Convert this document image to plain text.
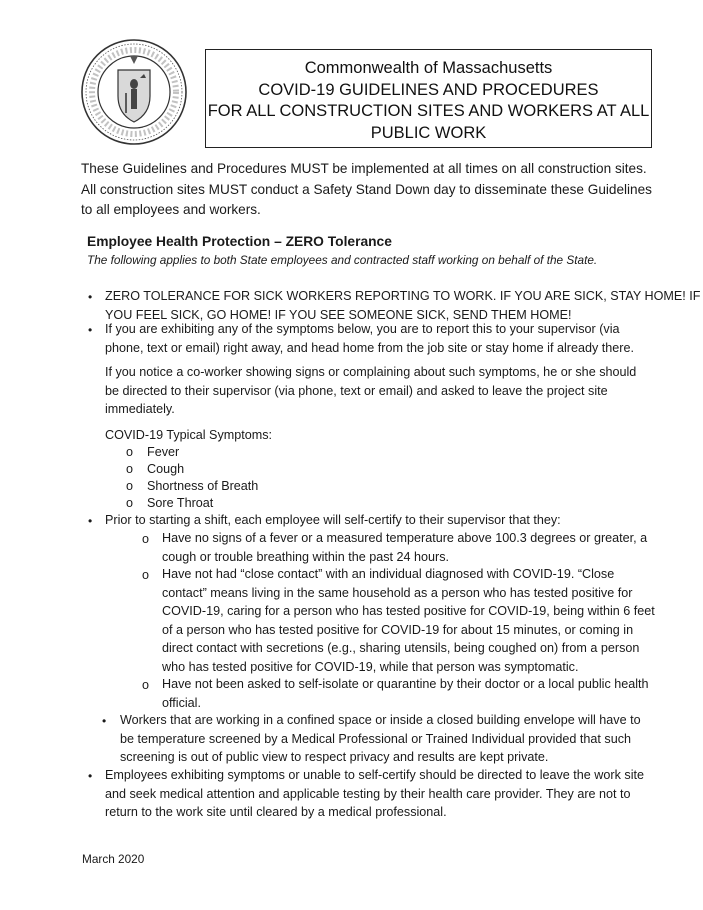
Commonwealth of Massachusetts
COVID-19 GUIDELINES AND PROCEDURES
FOR ALL CONSTRUCTION SITES AND WORKERS AT ALL
PUBLIC WORK
These Guidelines and Procedures MUST be implemented at all times on all construction sites.
All construction sites MUST conduct a Safety Stand Down day to disseminate these Guidelines
to all employees and workers.
Employee Health Protection – ZERO Tolerance
The following applies to both State employees and contracted staff working on behalf of the State.
• ZERO TOLERANCE FOR SICK WORKERS REPORTING TO WORK. IF YOU ARE SICK, STAY HOME! IF
YOU FEEL SICK, GO HOME! IF YOU SEE SOMEONE SICK, SEND THEM HOME!
• If you are exhibiting any of the symptoms below, you are to report this to your supervisor (via
phone, text or email) right away, and head home from the job site or stay home if already there.
If you notice a co-worker showing signs or complaining about such symptoms, he or she should
be directed to their supervisor (via phone, text or email) and asked to leave the project site
immediately.
COVID-19 Typical Symptoms:
o Fever
o Cough
o Shortness of Breath
o Sore Throat
• Prior to starting a shift, each employee will self-certify to their supervisor that they:
o Have no signs of a fever or a measured temperature above 100.3 degrees or greater, a
cough or trouble breathing within the past 24 hours.
o Have not had “close contact” with an individual diagnosed with COVID-19. “Close
contact” means living in the same household as a person who has tested positive for
COVID-19, caring for a person who has tested positive for COVID-19, being within 6 feet
of a person who has tested positive for COVID-19 for about 15 minutes, or coming in
direct contact with secretions (e.g., sharing utensils, being coughed on) from a person
who has tested positive for COVID-19, while that person was symptomatic.
o Have not been asked to self-isolate or quarantine by their doctor or a local public health
official.
• Workers that are working in a confined space or inside a closed building envelope will have to
be temperature screened by a Medical Professional or Trained Individual provided that such
screening is out of public view to respect privacy and results are kept private.
• Employees exhibiting symptoms or unable to self-certify should be directed to leave the work site
and seek medical attention and applicable testing by their health care provider. They are not to
return to the work site until cleared by a medical professional.
March 2020
